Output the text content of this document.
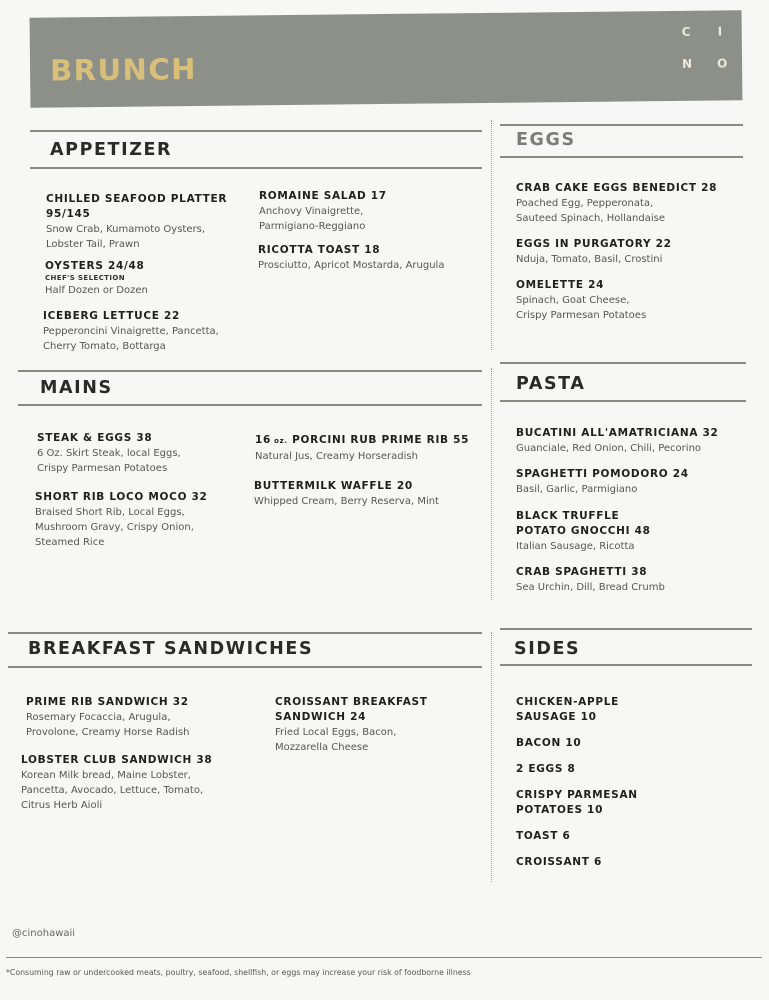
BRUNCH
C I
N O
APPETIZER	EGGS
MAINS	PASTA
BREAKFAST SANDWICHES	SIDES
CHILLED SEAFOOD PLATTER
95/145
Snow Crab, Kumamoto Oysters,
Lobster Tail, Prawn
OYSTERS 24/48
CHEF'S SELECTION
Half Dozen or Dozen
ICEBERG LETTUCE 22
Pepperoncini Vinaigrette, Pancetta,
Cherry Tomato, Bottarga
ROMAINE SALAD 17
Anchovy Vinaigrette,
Parmigiano-Reggiano
RICOTTA TOAST 18
Prosciutto, Apricot Mostarda, Arugula
CRAB CAKE EGGS BENEDICT 28
Poached Egg, Pepperonata,
Sauteed Spinach, Hollandaise
EGGS IN PURGATORY 22
Nduja, Tomato, Basil, Crostini
OMELETTE 24
Spinach, Goat Cheese,
Crispy Parmesan Potatoes
STEAK & EGGS 38
6 Oz. Skirt Steak, local Eggs,
Crispy Parmesan Potatoes
SHORT RIB LOCO MOCO 32
Braised Short Rib, Local Eggs,
Mushroom Gravy, Crispy Onion,
Steamed Rice
16 oz. PORCINI RUB PRIME RIB 55
Natural Jus, Creamy Horseradish
BUTTERMILK WAFFLE 20
Whipped Cream, Berry Reserva, Mint
BUCATINI ALL'AMATRICIANA 32
Guanciale, Red Onion, Chili, Pecorino
SPAGHETTI POMODORO 24
Basil, Garlic, Parmigiano
BLACK TRUFFLE
POTATO GNOCCHI 48
Italian Sausage, Ricotta
CRAB SPAGHETTI 38
Sea Urchin, Dill, Bread Crumb
PRIME RIB SANDWICH 32
Rosemary Focaccia, Arugula,
Provolone, Creamy Horse Radish
LOBSTER CLUB SANDWICH 38
Korean Milk bread, Maine Lobster,
Pancetta, Avocado, Lettuce, Tomato,
Citrus Herb Aioli
CROISSANT BREAKFAST
SANDWICH 24
Fried Local Eggs, Bacon,
Mozzarella Cheese
CHICKEN-APPLE
SAUSAGE 10
BACON 10
2 EGGS 8
CRISPY PARMESAN
POTATOES 10
TOAST 6
CROISSANT 6
@cinohawaii
*Consuming raw or undercooked meats, poultry, seafood, shellfish, or eggs may increase your risk of foodborne illness
